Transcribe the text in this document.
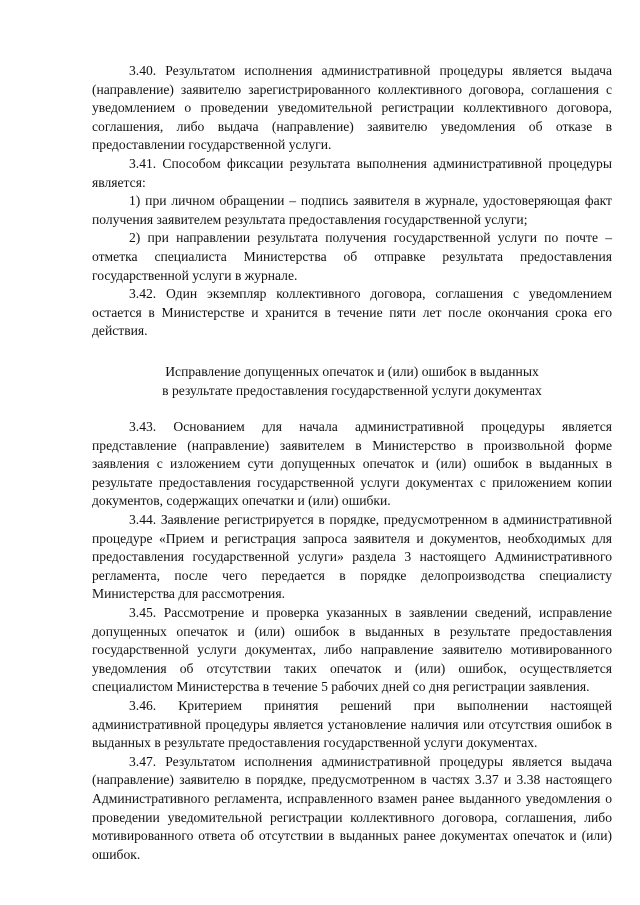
3.40. Результатом исполнения административной процедуры является выдача (направление) заявителю зарегистрированного коллективного договора, соглашения с уведомлением о проведении уведомительной регистрации коллективного договора, соглашения, либо выдача (направление) заявителю уведомления об отказе в предоставлении государственной услуги.

3.41. Способом фиксации результата выполнения административной процедуры является:

1) при личном обращении – подпись заявителя в журнале, удостоверяющая факт получения заявителем результата предоставления государственной услуги;

2) при направлении результата получения государственной услуги по почте – отметка специалиста Министерства об отправке результата предоставления государственной услуги в журнале.

3.42. Один экземпляр коллективного договора, соглашения с уведомлением остается в Министерстве и хранится в течение пяти лет после окончания срока его действия.

Исправление допущенных опечаток и (или) ошибок в выданных
в результате предоставления государственной услуги документах

3.43. Основанием для начала административной процедуры является представление (направление) заявителем в Министерство в произвольной форме заявления с изложением сути допущенных опечаток и (или) ошибок в выданных в результате предоставления государственной услуги документах с приложением копии документов, содержащих опечатки и (или) ошибки.

3.44. Заявление регистрируется в порядке, предусмотренном в административной процедуре «Прием и регистрация запроса заявителя и документов, необходимых для предоставления государственной услуги» раздела 3 настоящего Административного регламента, после чего передается в порядке делопроизводства специалисту Министерства для рассмотрения.

3.45. Рассмотрение и проверка указанных в заявлении сведений, исправление допущенных опечаток и (или) ошибок в выданных в результате предоставления государственной услуги документах, либо направление заявителю мотивированного уведомления об отсутствии таких опечаток и (или) ошибок, осуществляется специалистом Министерства в течение 5 рабочих дней со дня регистрации заявления.

3.46. Критерием принятия решений при выполнении настоящей административной процедуры является установление наличия или отсутствия ошибок в выданных в результате предоставления государственной услуги документах.

3.47. Результатом исполнения административной процедуры является выдача (направление) заявителю в порядке, предусмотренном в частях 3.37 и 3.38 настоящего Административного регламента, исправленного взамен ранее выданного уведомления о проведении уведомительной регистрации коллективного договора, соглашения, либо мотивированного ответа об отсутствии в выданных ранее документах опечаток и (или) ошибок.
